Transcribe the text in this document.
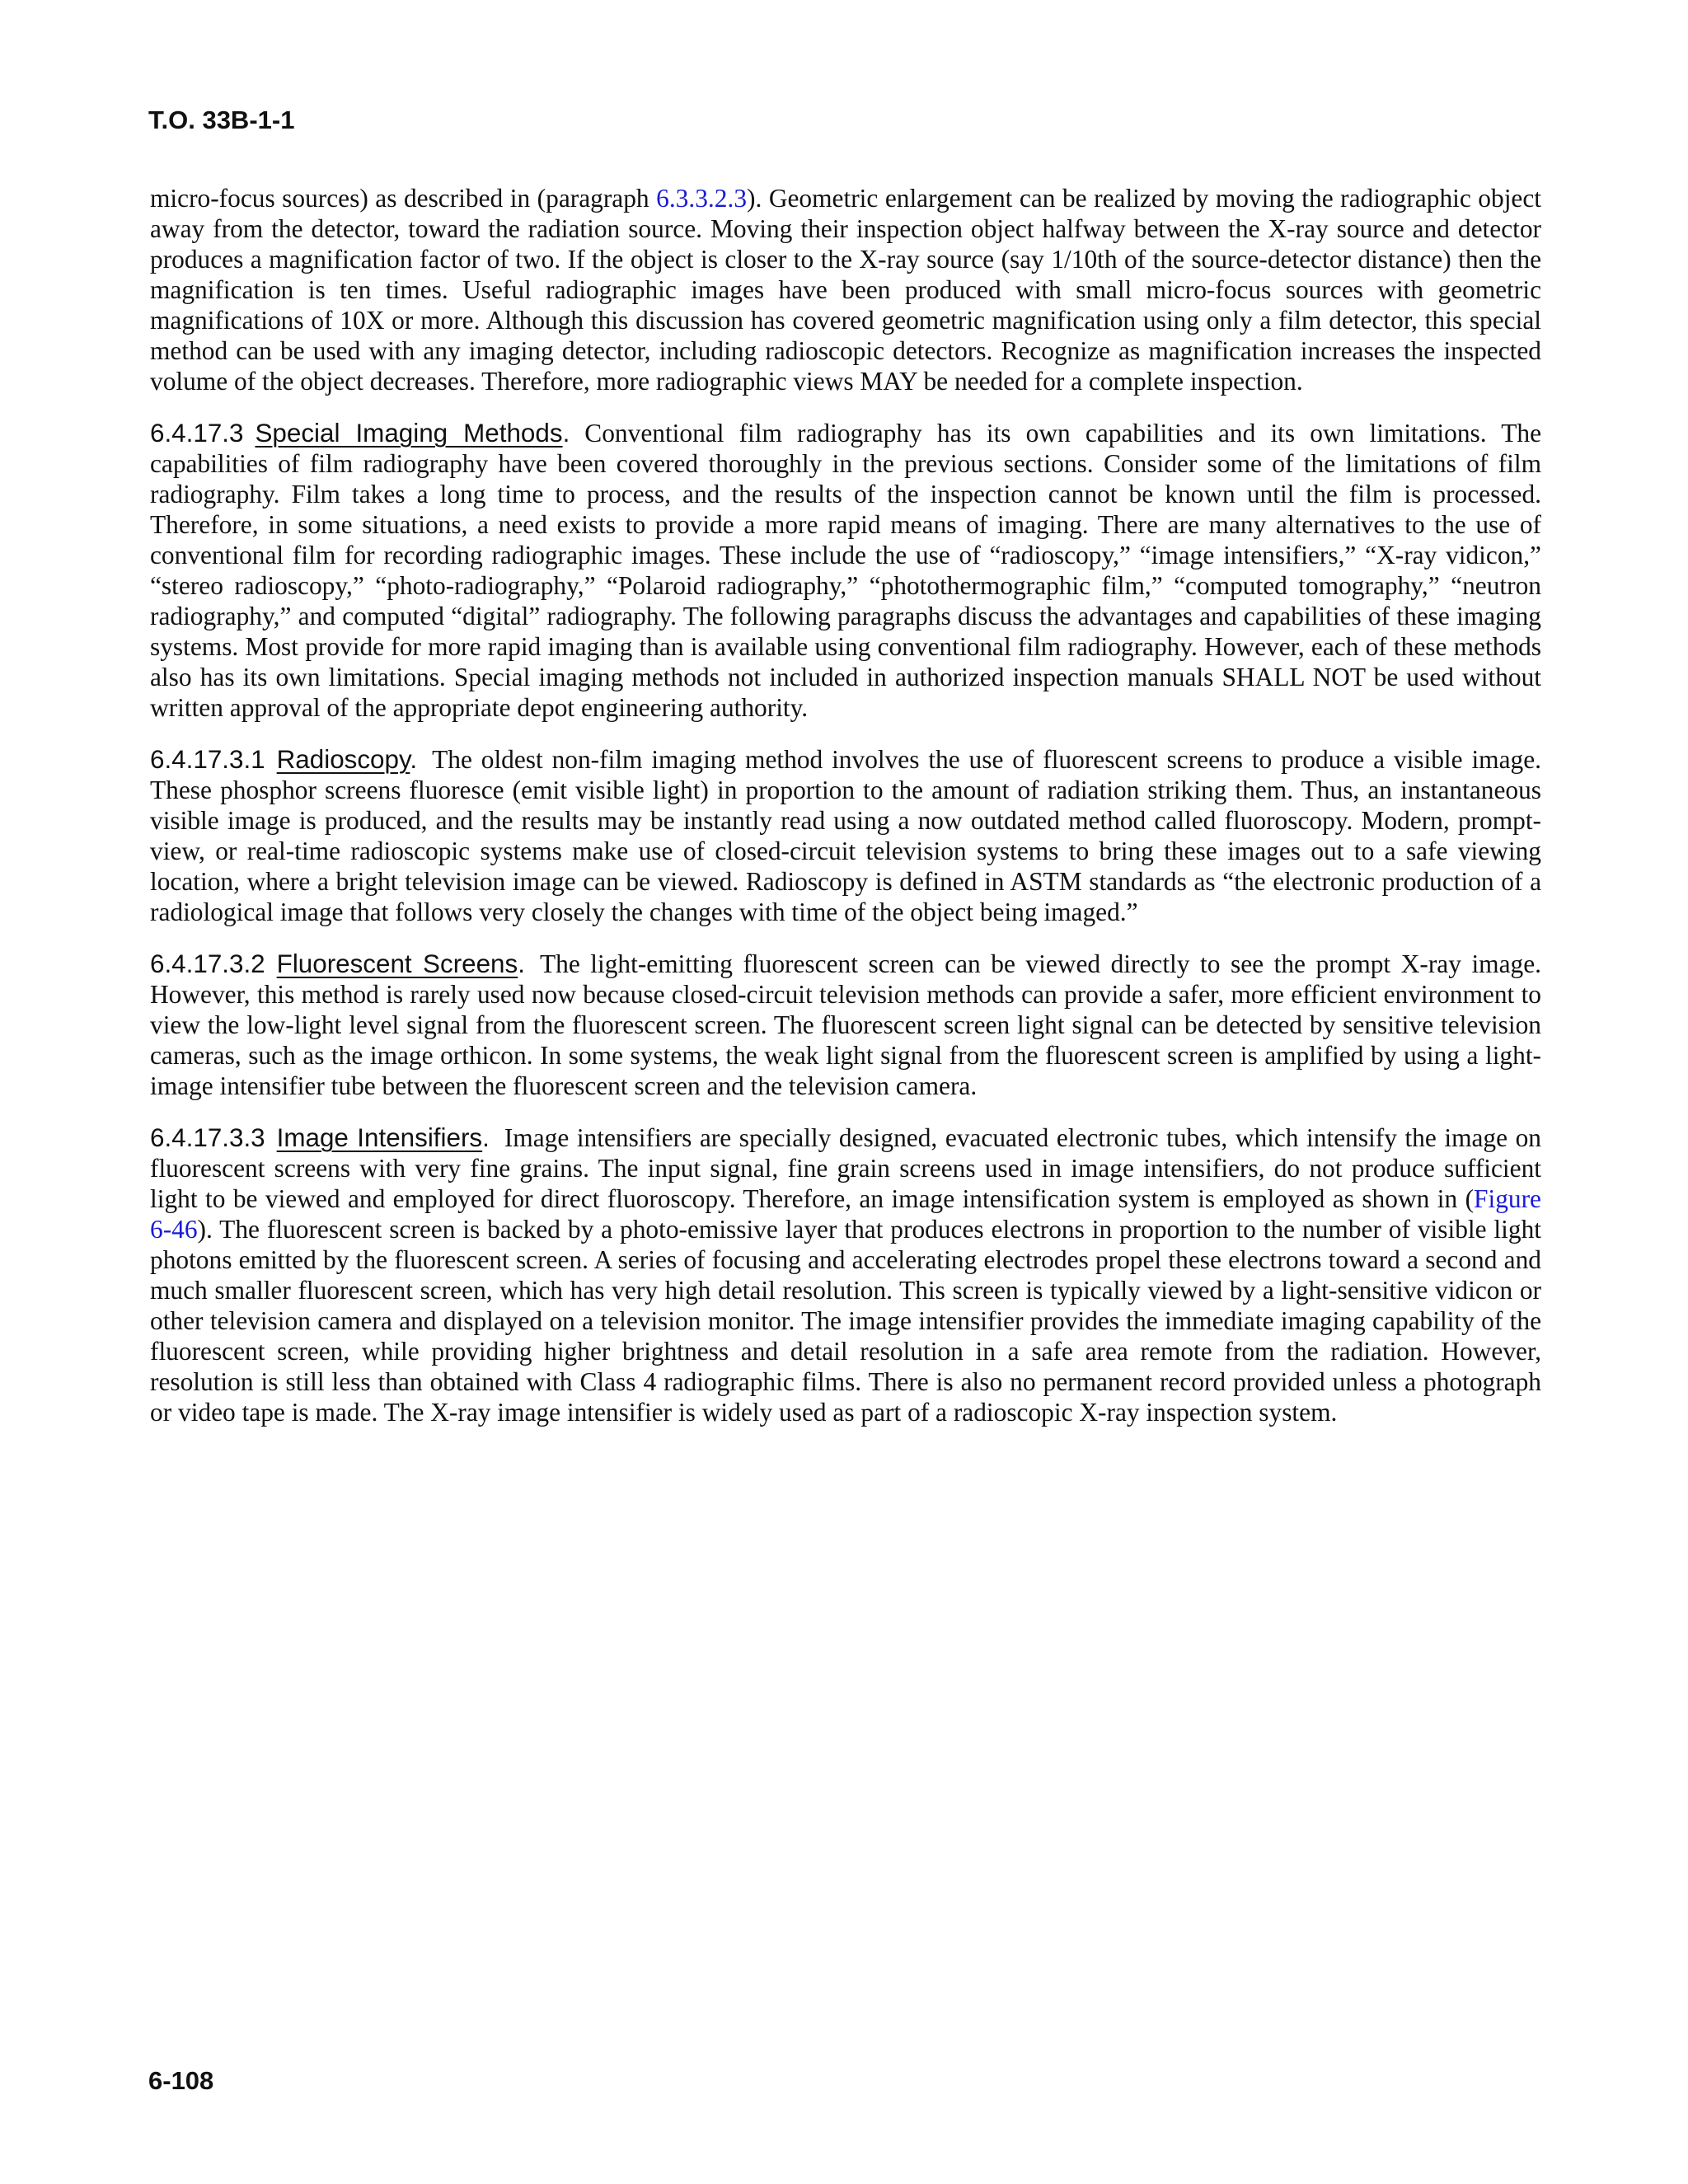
T.O. 33B-1-1

micro-focus sources) as described in (paragraph 6.3.3.2.3). Geometric enlargement can be realized by moving the radiographic object away from the detector, toward the radiation source. Moving their inspection object halfway between the X-ray source and detector produces a magnification factor of two. If the object is closer to the X-ray source (say 1/10th of the source-detector distance) then the magnification is ten times. Useful radiographic images have been produced with small micro-focus sources with geometric magnifications of 10X or more. Although this discussion has covered geometric magnification using only a film detector, this special method can be used with any imaging detector, including radioscopic detectors. Recognize as magnification increases the inspected volume of the object decreases. Therefore, more radiographic views MAY be needed for a complete inspection.

6.4.17.3 Special Imaging Methods. Conventional film radiography has its own capabilities and its own limitations. The capabilities of film radiography have been covered thoroughly in the previous sections. Consider some of the limitations of film radiography. Film takes a long time to process, and the results of the inspection cannot be known until the film is processed. Therefore, in some situations, a need exists to provide a more rapid means of imaging. There are many alternatives to the use of conventional film for recording radiographic images. These include the use of “radioscopy,” “image intensifiers,” “X-ray vidicon,” “stereo radioscopy,” “photo-radiography,” “Polaroid radiography,” “photothermographic film,” “computed tomography,” “neutron radiography,” and computed “digital” radiography. The following paragraphs discuss the advantages and capabilities of these imaging systems. Most provide for more rapid imaging than is available using conventional film radiography. However, each of these methods also has its own limitations. Special imaging methods not included in authorized inspection manuals SHALL NOT be used without written approval of the appropriate depot engineering authority.

6.4.17.3.1 Radioscopy. The oldest non-film imaging method involves the use of fluorescent screens to produce a visible image. These phosphor screens fluoresce (emit visible light) in proportion to the amount of radiation striking them. Thus, an instantaneous visible image is produced, and the results may be instantly read using a now outdated method called fluoroscopy. Modern, prompt-view, or real-time radioscopic systems make use of closed-circuit television systems to bring these images out to a safe viewing location, where a bright television image can be viewed. Radioscopy is defined in ASTM standards as “the electronic production of a radiological image that follows very closely the changes with time of the object being imaged.”

6.4.17.3.2 Fluorescent Screens. The light-emitting fluorescent screen can be viewed directly to see the prompt X-ray image. However, this method is rarely used now because closed-circuit television methods can provide a safer, more efficient environment to view the low-light level signal from the fluorescent screen. The fluorescent screen light signal can be detected by sensitive television cameras, such as the image orthicon. In some systems, the weak light signal from the fluorescent screen is amplified by using a light-image intensifier tube between the fluorescent screen and the television camera.

6.4.17.3.3 Image Intensifiers. Image intensifiers are specially designed, evacuated electronic tubes, which intensify the image on fluorescent screens with very fine grains. The input signal, fine grain screens used in image intensifiers, do not produce sufficient light to be viewed and employed for direct fluoroscopy. Therefore, an image intensification system is employed as shown in (Figure 6-46). The fluorescent screen is backed by a photo-emissive layer that produces electrons in proportion to the number of visible light photons emitted by the fluorescent screen. A series of focusing and accelerating electrodes propel these electrons toward a second and much smaller fluorescent screen, which has very high detail resolution. This screen is typically viewed by a light-sensitive vidicon or other television camera and displayed on a television monitor. The image intensifier provides the immediate imaging capability of the fluorescent screen, while providing higher brightness and detail resolution in a safe area remote from the radiation. However, resolution is still less than obtained with Class 4 radiographic films. There is also no permanent record provided unless a photograph or video tape is made. The X-ray image intensifier is widely used as part of a radioscopic X-ray inspection system.

6-108
